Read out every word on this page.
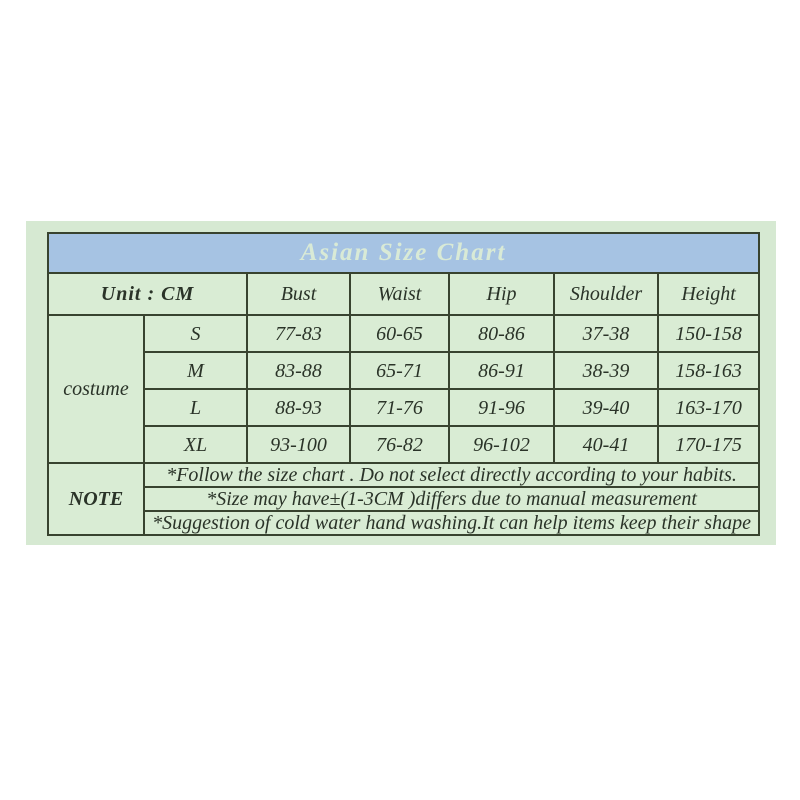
Asian Size Chart						
Unit : CM		Bust	Waist	Hip	Shoulder	Height
costume	S	77-83	60-65	80-86	37-38	150-158
	M	83-88	65-71	86-91	38-39	158-163
	L	88-93	71-76	91-96	39-40	163-170
	XL	93-100	76-82	96-102	40-41	170-175
NOTE	*Follow the size chart . Do not select directly according to your habits.					
	*Size may have±(1-3CM )differs due to manual measurement					
	*Suggestion of cold water hand washing.It can help items keep their shape					
